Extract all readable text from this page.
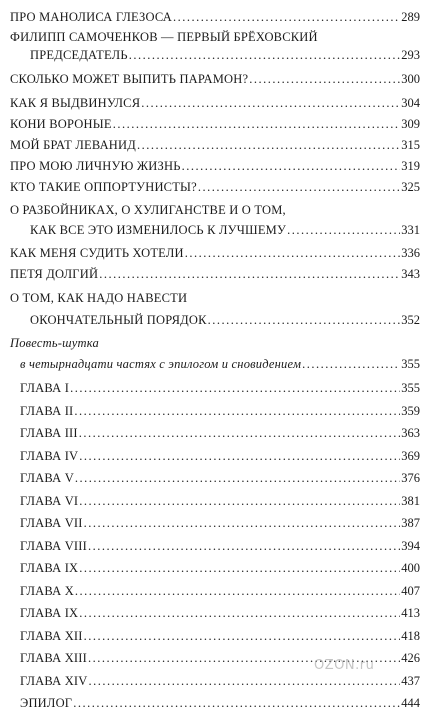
ПРО МАНОЛИСА ГЛЕЗОСА .....	289
ФИЛИПП САМОЧЕНКОВ — ПЕРВЫЙ БРЁХОВСКИЙ
ПРЕДСЕДАТЕЛЬ .....	293
СКОЛЬКО МОЖЕТ ВЫПИТЬ ПАРАМОН? .....	300
КАК Я ВЫДВИНУЛСЯ .....	304
КОНИ ВОРОНЫЕ .....	309
МОЙ БРАТ ЛЕВАНИД .....	315
ПРО МОЮ ЛИЧНУЮ ЖИЗНЬ .....	319
КТО ТАКИЕ ОППОРТУНИСТЫ? .....	325
О РАЗБОЙНИКАХ, О ХУЛИГАНСТВЕ И О ТОМ,
КАК ВСЕ ЭТО ИЗМЕНИЛОСЬ К ЛУЧШЕМУ .....	331
КАК МЕНЯ СУДИТЬ ХОТЕЛИ .....	336
ПЕТЯ ДОЛГИЙ .....	343
О ТОМ, КАК НАДО НАВЕСТИ
ОКОНЧАТЕЛЬНЫЙ ПОРЯДОК .....	352
Повесть-шутка
в четырнадцати частях с эпилогом и сновидением .....	355
ГЛАВА I .....	355
ГЛАВА II .....	359
ГЛАВА III .....	363
ГЛАВА IV .....	369
ГЛАВА V .....	376
ГЛАВА VI .....	381
ГЛАВА VII .....	387
ГЛАВА VIII .....	394
ГЛАВА IX .....	400
ГЛАВА X .....	407
ГЛАВА IX .....	413
ГЛАВА XII .....	418
ГЛАВА XIII .....	426
ГЛАВА XIV .....	437
ЭПИЛОГ .....	444
OZON.ru
